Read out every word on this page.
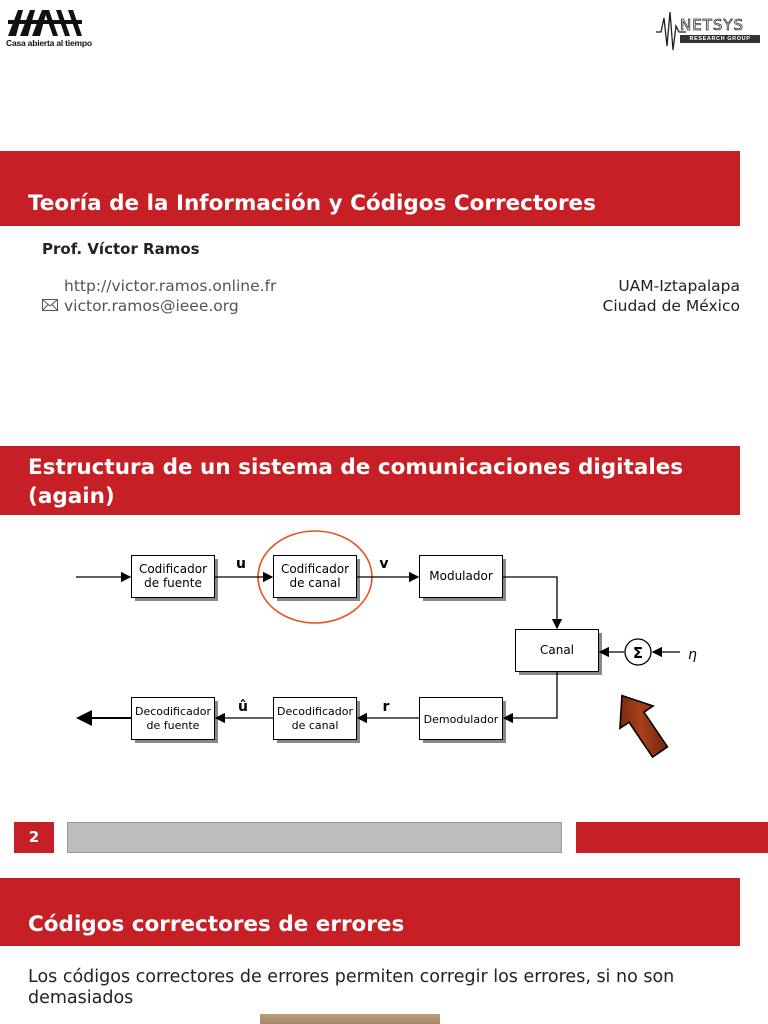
Casa abierta al tiempo
NETSYS
RESEARCH GROUP
Teoría de la Información y Códigos Correctores
Prof. Víctor Ramos
http://victor.ramos.online.fr
victor.ramos@ieee.org
UAM-Iztapalapa
Ciudad de México
Estructura de un sistema de comunicaciones digitales (again)
Codificador
de fuente
Codificador
de canal	Modulador
Canal
Demodulador
Decodificador
de canal
Decodificador
de fuente
Σ
u	v
r
û
η
2
Códigos correctores de errores
Los códigos correctores de errores permiten corregir los errores, si no son demasiados
